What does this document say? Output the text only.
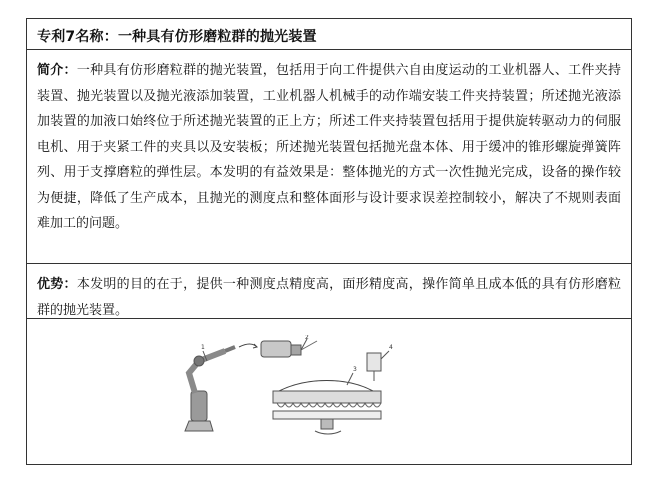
专利7名称：一种具有仿形磨粒群的抛光装置
简介：一种具有仿形磨粒群的抛光装置，包括用于向工件提供六自由度运动的工业机器人、工件夹持装置、抛光装置以及抛光液添加装置，工业机器人机械手的动作端安装工件夹持装置；所述抛光液添加装置的加液口始终位于所述抛光装置的正上方；所述工件夹持装置包括用于提供旋转驱动力的伺服电机、用于夹紧工件的夹具以及安装板；所述抛光装置包括抛光盘本体、用于缓冲的锥形螺旋弹簧阵列、用于支撑磨粒的弹性层。本发明的有益效果是：整体抛光的方式一次性抛光完成，设备的操作较为便捷，降低了生产成本，且抛光的测度点和整体面形与设计要求误差控制较小，解决了不规则表面难加工的问题。
优势：本发明的目的在于，提供一种测度点精度高，面形精度高，操作简单且成本低的具有仿形磨粒群的抛光装置。
1
2
3
4
